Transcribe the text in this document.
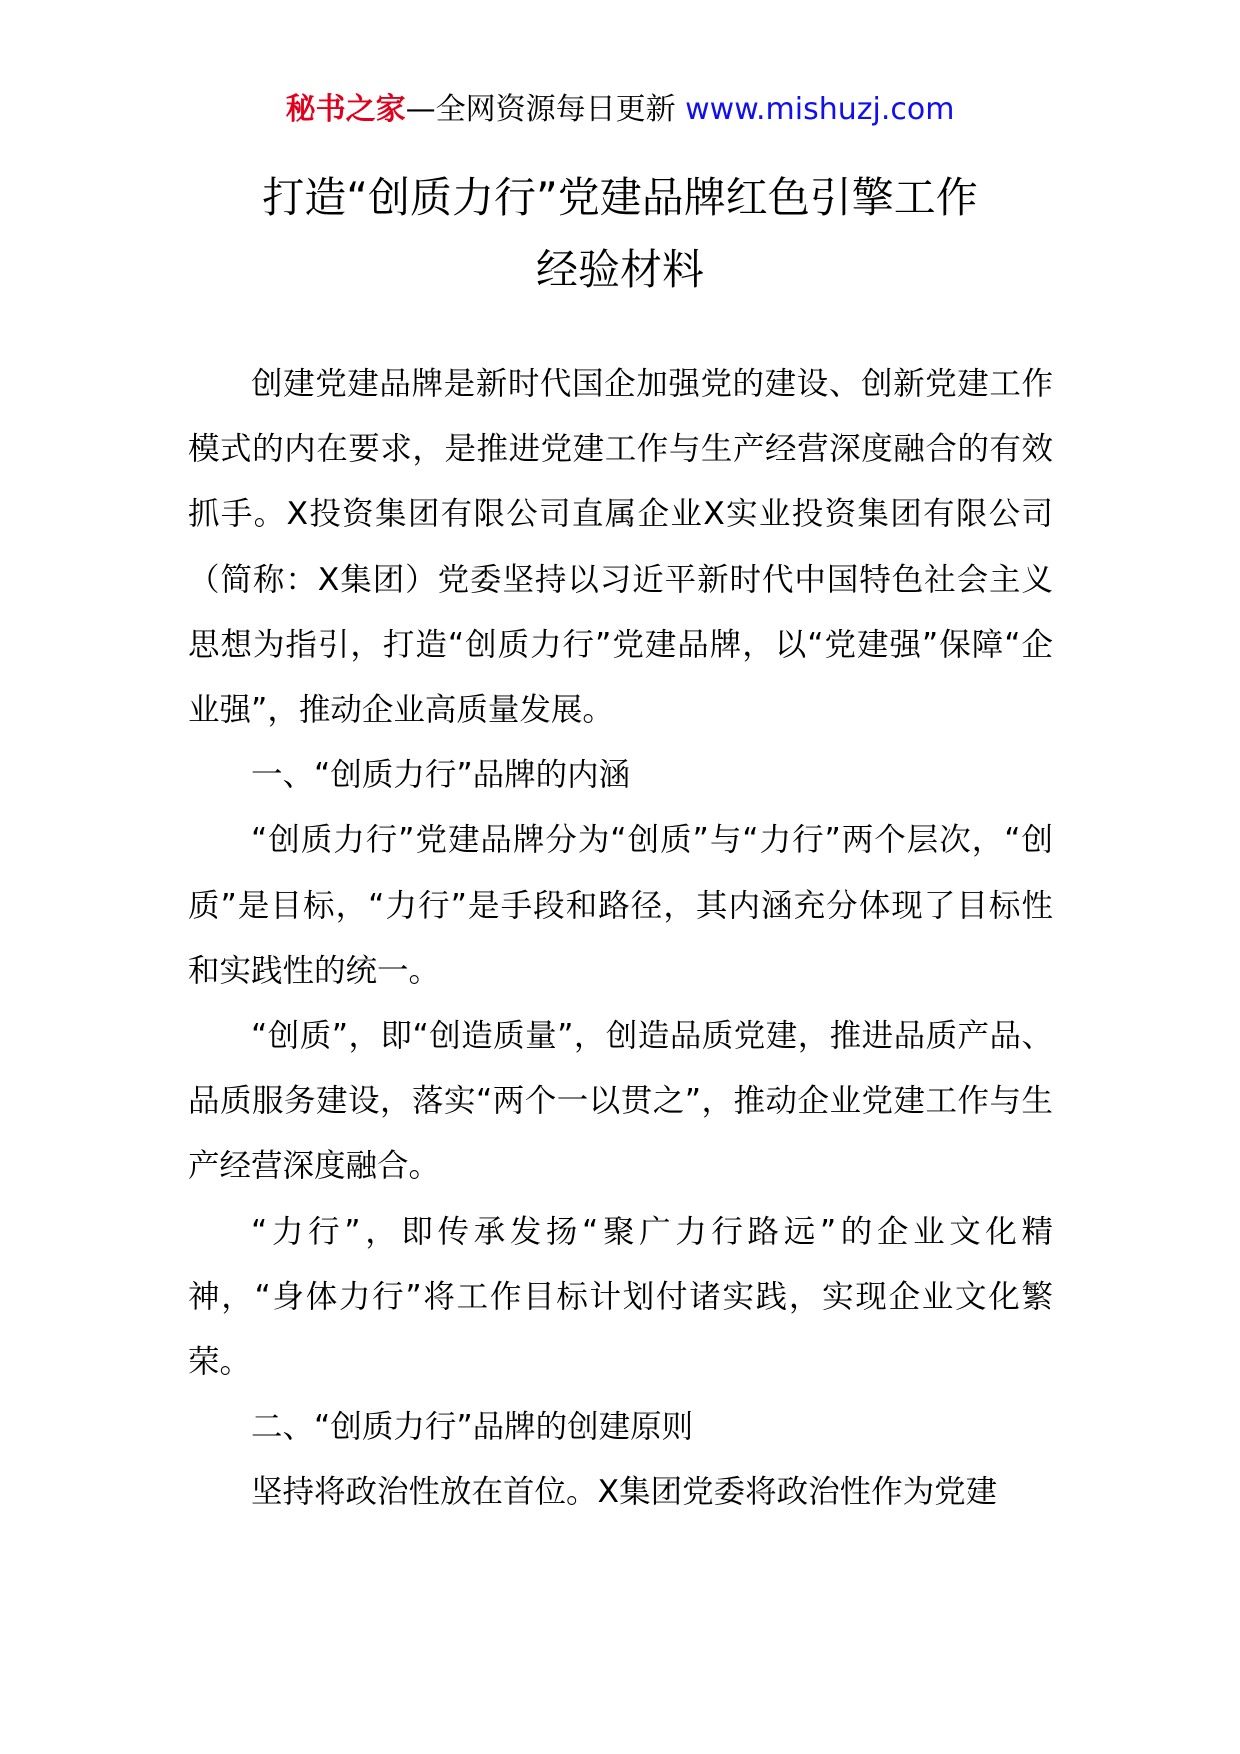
秘书之家—全网资源每日更新 www.mishuzj.com
打造“创质力行”党建品牌红色引擎工作
经验材料

创建党建品牌是新时代国企加强党的建设、创新党建工作模式的内在要求，是推进党建工作与生产经营深度融合的有效抓手。X投资集团有限公司直属企业X实业投资集团有限公司（简称：X集团）党委坚持以习近平新时代中国特色社会主义思想为指引，打造“创质力行”党建品牌，以“党建强”保障“企业强”，推动企业高质量发展。

一、“创质力行”品牌的内涵

“创质力行”党建品牌分为“创质”与“力行”两个层次，“创质”是目标，“力行”是手段和路径，其内涵充分体现了目标性和实践性的统一。

“创质”，即“创造质量”，创造品质党建，推进品质产品、品质服务建设，落实“两个一以贯之”，推动企业党建工作与生产经营深度融合。

“力行”，即传承发扬“聚广力行路远”的企业文化精神，“身体力行”将工作目标计划付诸实践，实现企业文化繁荣。

二、“创质力行”品牌的创建原则

坚持将政治性放在首位。X集团党委将政治性作为党建
